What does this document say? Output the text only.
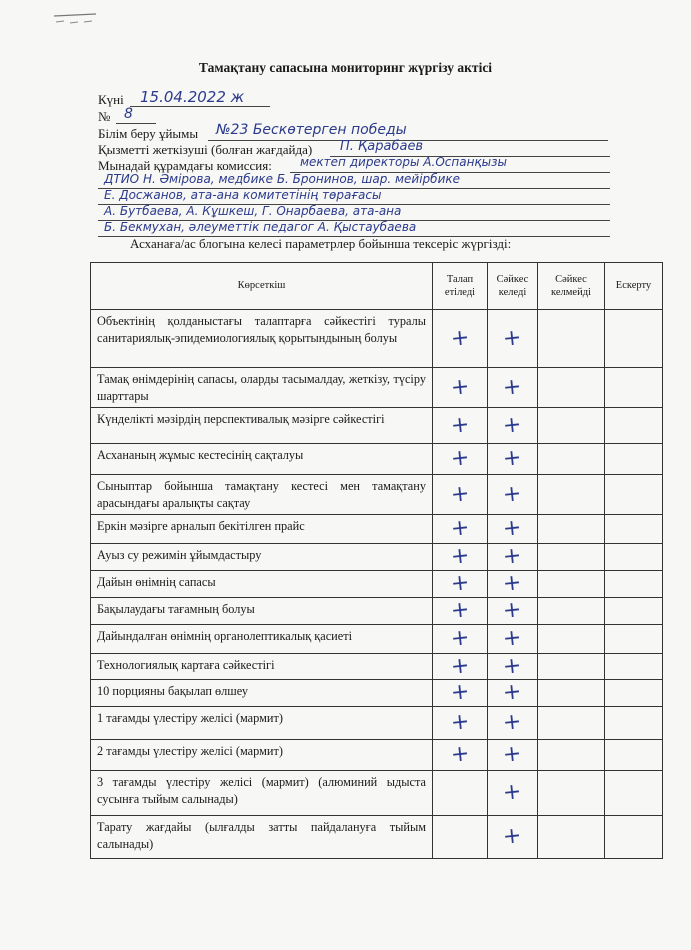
Тамақтану сапасына мониторинг жүргізу актісі
Күні 15.04.2022 ж
№ 8
Білім беру ұйымы №23 Бескөтерген победы
Қызметті жеткізуші (болған жағдайда) П. Қарабаев
Мынадай құрамдағы комиссия: мектеп директоры А.Оспанқызы
ДТИО Н. Әмірова, медбике Б. Бронинов, шар. мейірбике
Е. Досжанов, ата-ана комитетінің төрағасы
А. Бутбаева, А. Кұшкеш, Г. Онарбаева, ата-ана
Б. Бекмухан, әлеуметтік педагог А. Қыстаубаева
Асханаға/ас блогына келесі параметрлер бойынша тексеріс жүргізді:
Көрсеткіш	Талап етіледі	Сәйкес келеді	Сәйкес келмейді	Ескерту
Объектінің қолданыстағы талаптарға сәйкестігі туралы санитариялық-эпидемиологиялық қорытындының болуы	+	+		
Тамақ өнімдерінің сапасы, оларды тасымалдау, жеткізу, түсіру шарттары	+	+		
Күнделікті мәзірдің перспективалық мәзірге сәйкестігі	+	+		
Асхананың жұмыс кестесінің сақталуы	+	+		
Сыныптар бойынша тамақтану кестесі мен тамақтану арасындағы аралықты сақтау	+	+		
Еркін мәзірге арналып бекітілген прайс	+	+		
Ауыз су режимін ұйымдастыру	+	+		
Дайын өнімнің сапасы	+	+		
Бақылаудағы тағамның болуы	+	+		
Дайындалған өнімнің органолептикалық қасиеті	+	+		
Технологиялық картаға сәйкестігі	+	+		
10 порцияны бақылап өлшеу	+	+		
1 тағамды үлестіру желісі (мармит)	+	+		
2 тағамды үлестіру желісі (мармит)	+	+		
3 тағамды үлестіру желісі (мармит) (алюминий ыдыста сусынға тыйым салынады)		+		
Тарату жағдайы (ылғалды затты пайдалануға тыйым салынады)		+		
